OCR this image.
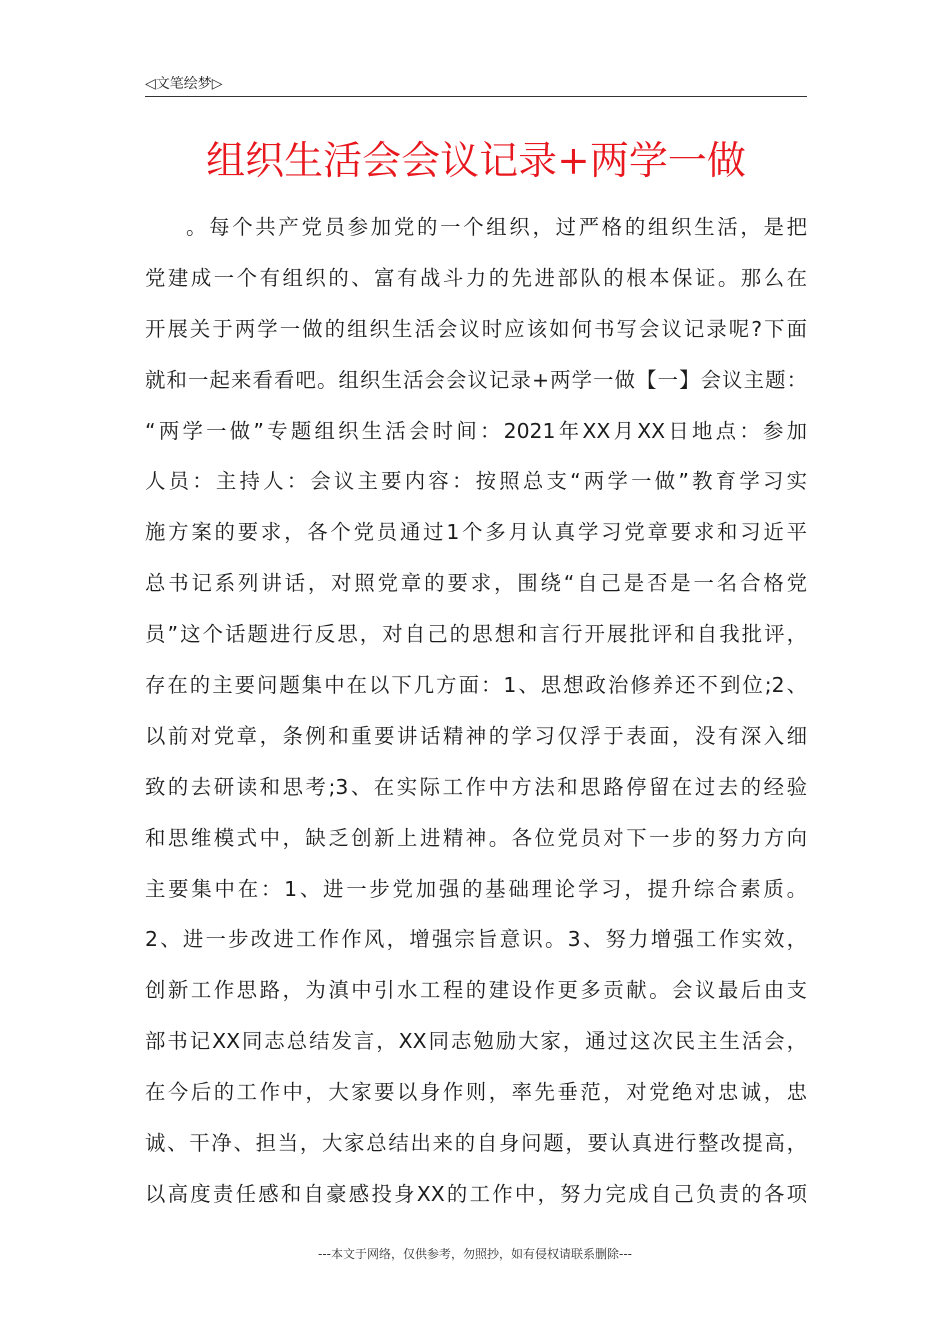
◁文笔绘梦▷
组织生活会会议记录+两学一做
。每个共产党员参加党的一个组织，过严格的组织生活，是把
党建成一个有组织的、富有战斗力的先进部队的根本保证。那么在
开展关于两学一做的组织生活会议时应该如何书写会议记录呢?下面
就和一起来看看吧。组织生活会会议记录+两学一做【一】会议主题：
“两学一做”专题组织生活会时间：2021年XX月XX日地点：参加
人员：主持人：会议主要内容：按照总支“两学一做”教育学习实
施方案的要求，各个党员通过1个多月认真学习党章要求和习近平
总书记系列讲话，对照党章的要求，围绕“自己是否是一名合格党
员”这个话题进行反思，对自己的思想和言行开展批评和自我批评，
存在的主要问题集中在以下几方面：1、思想政治修养还不到位;2、
以前对党章，条例和重要讲话精神的学习仅浮于表面，没有深入细
致的去研读和思考;3、在实际工作中方法和思路停留在过去的经验
和思维模式中，缺乏创新上进精神。各位党员对下一步的努力方向
主要集中在：1、进一步党加强的基础理论学习，提升综合素质。
2、进一步改进工作作风，增强宗旨意识。3、努力增强工作实效，
创新工作思路，为滇中引水工程的建设作更多贡献。会议最后由支
部书记XX同志总结发言，XX同志勉励大家，通过这次民主生活会，
在今后的工作中，大家要以身作则，率先垂范，对党绝对忠诚，忠
诚、干净、担当，大家总结出来的自身问题，要认真进行整改提高，
以高度责任感和自豪感投身XX的工作中，努力完成自己负责的各项
---本文于网络，仅供参考，勿照抄，如有侵权请联系删除---
